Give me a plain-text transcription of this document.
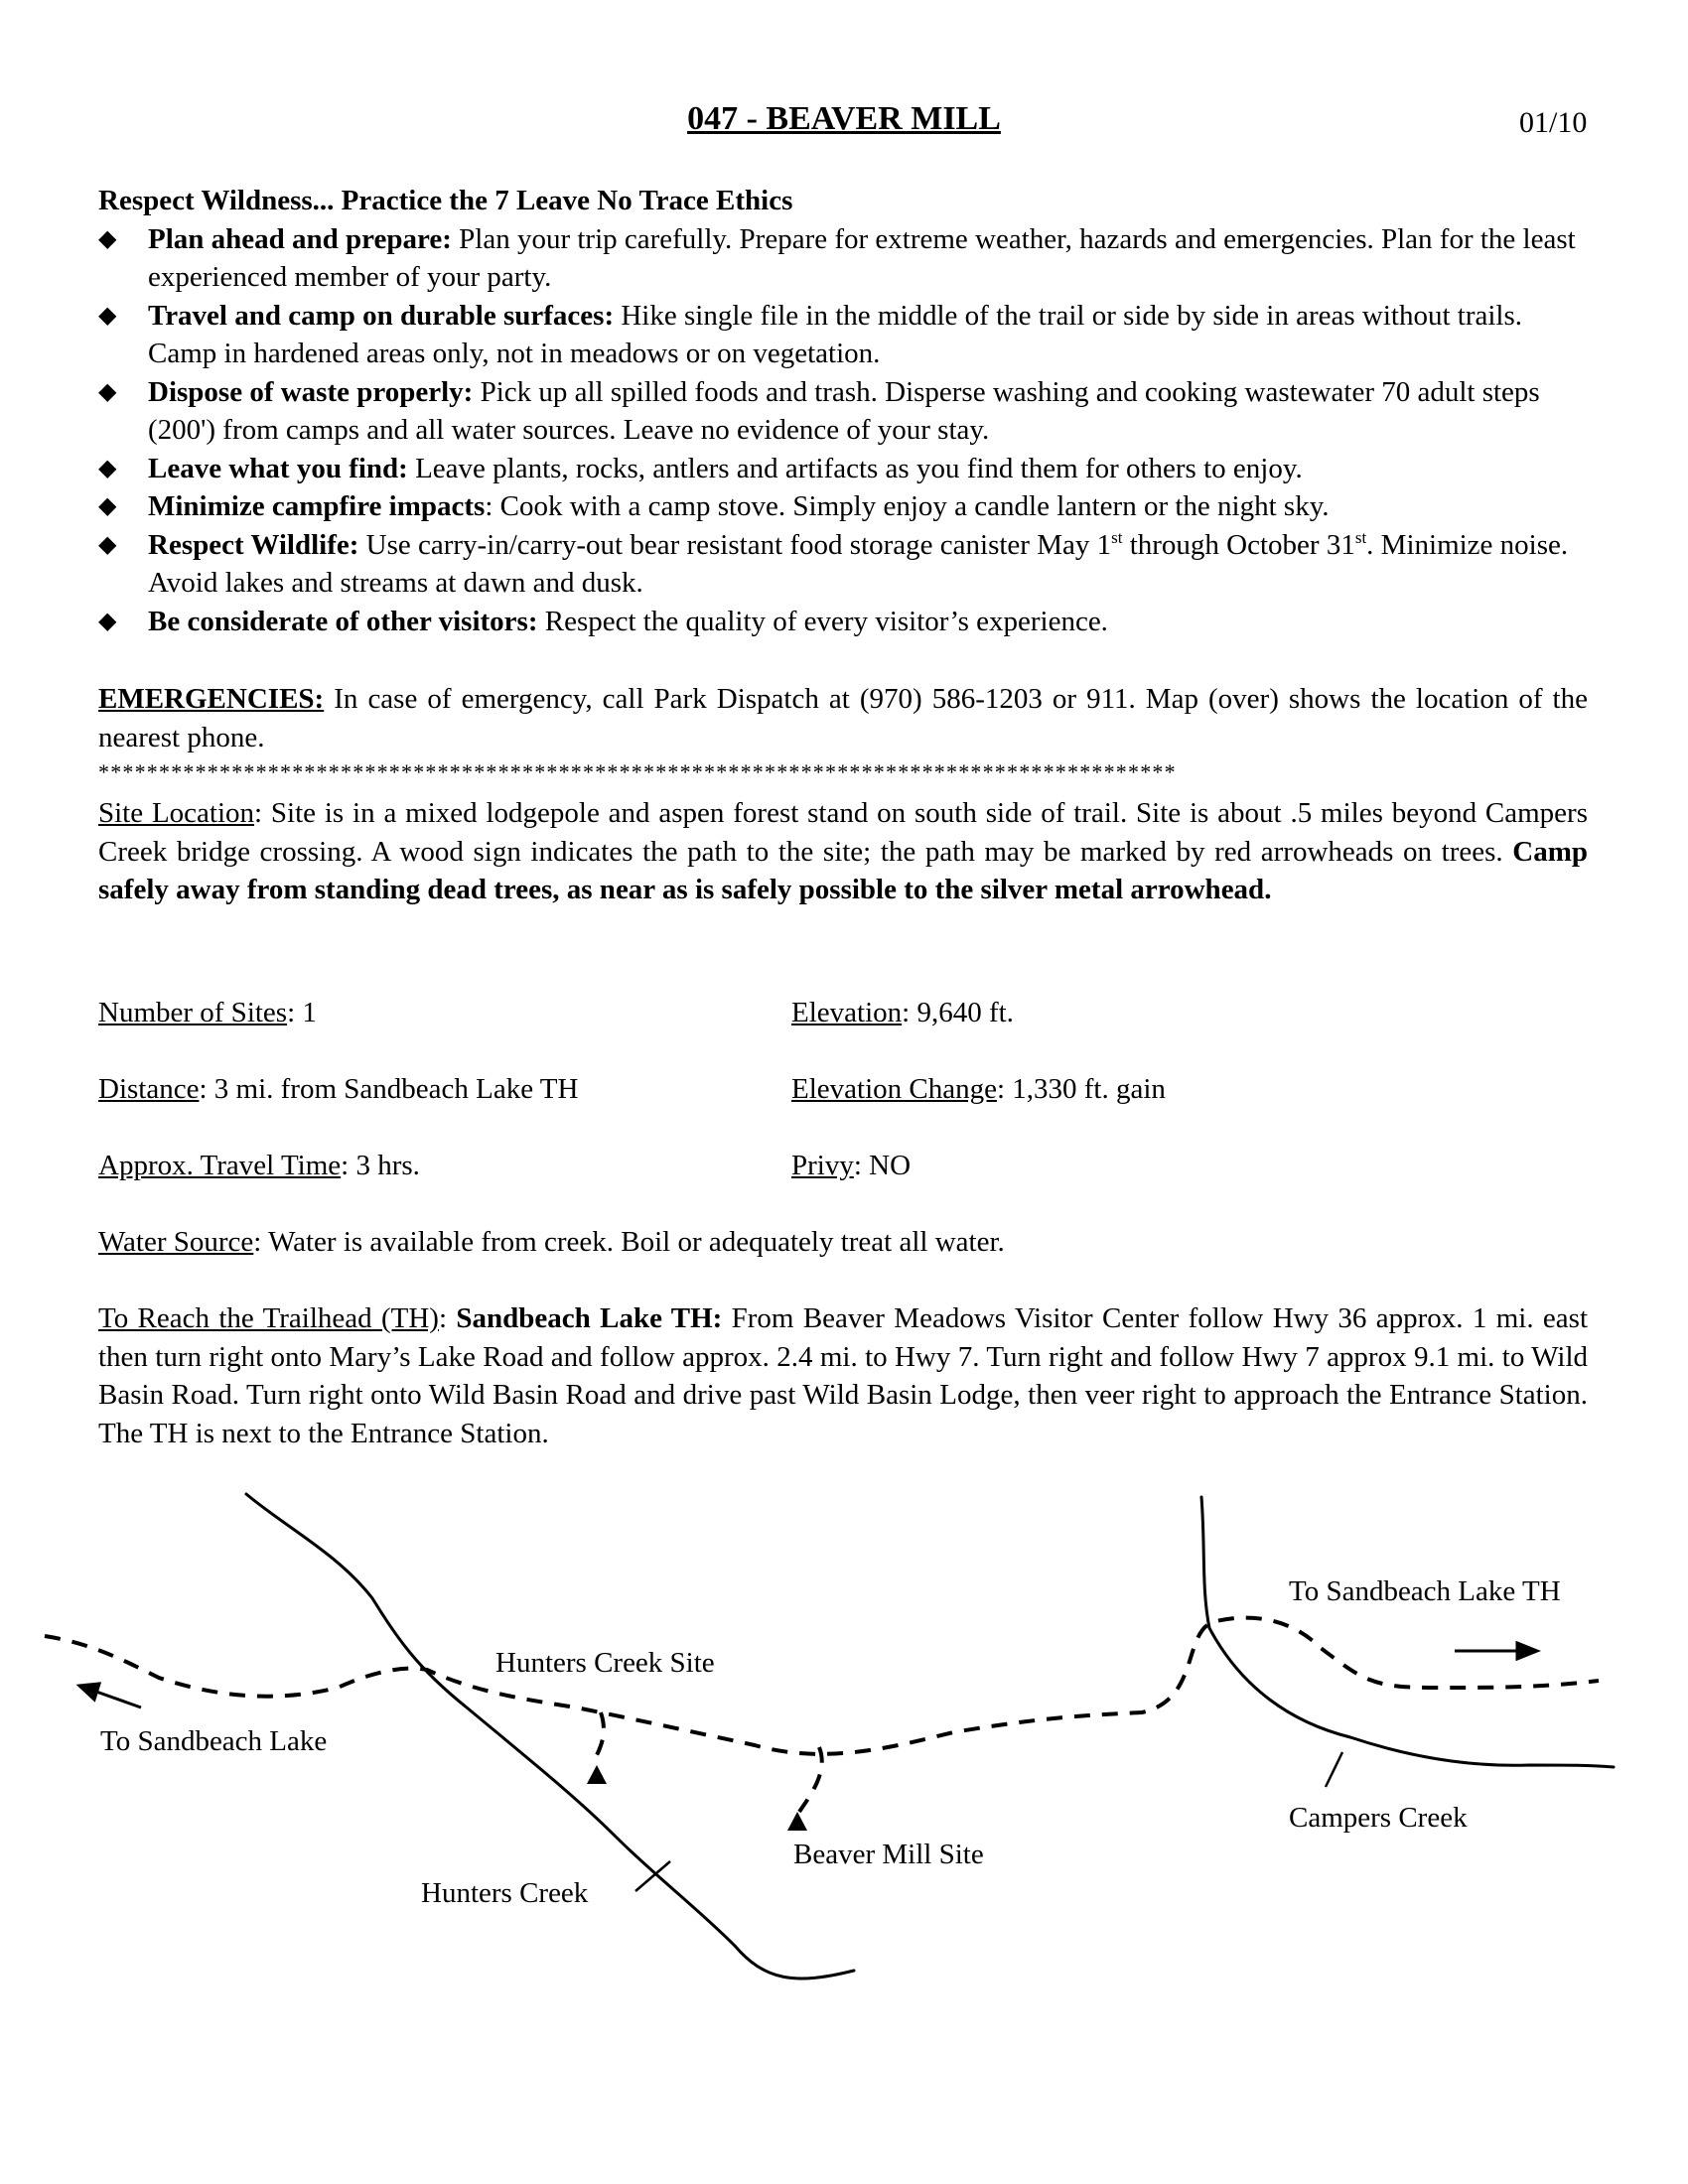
047 - BEAVER MILL	01/10
Respect Wildness... Practice the 7 Leave No Trace Ethics
◆ Plan ahead and prepare: Plan your trip carefully. Prepare for extreme weather, hazards and emergencies. Plan for the least experienced member of your party.
◆ Travel and camp on durable surfaces: Hike single file in the middle of the trail or side by side in areas without trails. Camp in hardened areas only, not in meadows or on vegetation.
◆ Dispose of waste properly: Pick up all spilled foods and trash. Disperse washing and cooking wastewater 70 adult steps (200') from camps and all water sources. Leave no evidence of your stay.
◆ Leave what you find: Leave plants, rocks, antlers and artifacts as you find them for others to enjoy.
◆ Minimize campfire impacts: Cook with a camp stove. Simply enjoy a candle lantern or the night sky.
◆ Respect Wildlife: Use carry-in/carry-out bear resistant food storage canister May 1st through October 31st. Minimize noise. Avoid lakes and streams at dawn and dusk.
◆ Be considerate of other visitors: Respect the quality of every visitor’s experience.
EMERGENCIES: In case of emergency, call Park Dispatch at (970) 586-1203 or 911. Map (over) shows the location of the nearest phone.
*****************************************************************************************
Site Location: Site is in a mixed lodgepole and aspen forest stand on south side of trail. Site is about .5 miles beyond Campers Creek bridge crossing. A wood sign indicates the path to the site; the path may be marked by red arrowheads on trees. Camp safely away from standing dead trees, as near as is safely possible to the silver metal arrowhead.
Number of Sites: 1	Elevation: 9,640 ft.
Distance: 3 mi. from Sandbeach Lake TH	Elevation Change: 1,330 ft. gain
Approx. Travel Time: 3 hrs.	Privy: NO
Water Source: Water is available from creek. Boil or adequately treat all water.
To Reach the Trailhead (TH): Sandbeach Lake TH: From Beaver Meadows Visitor Center follow Hwy 36 approx. 1 mi. east then turn right onto Mary’s Lake Road and follow approx. 2.4 mi. to Hwy 7. Turn right and follow Hwy 7 approx 9.1 mi. to Wild Basin Road. Turn right onto Wild Basin Road and drive past Wild Basin Lodge, then veer right to approach the Entrance Station. The TH is next to the Entrance Station.
To Sandbeach Lake TH
Hunters Creek Site
To Sandbeach Lake
Campers Creek
Beaver Mill Site
Hunters Creek
